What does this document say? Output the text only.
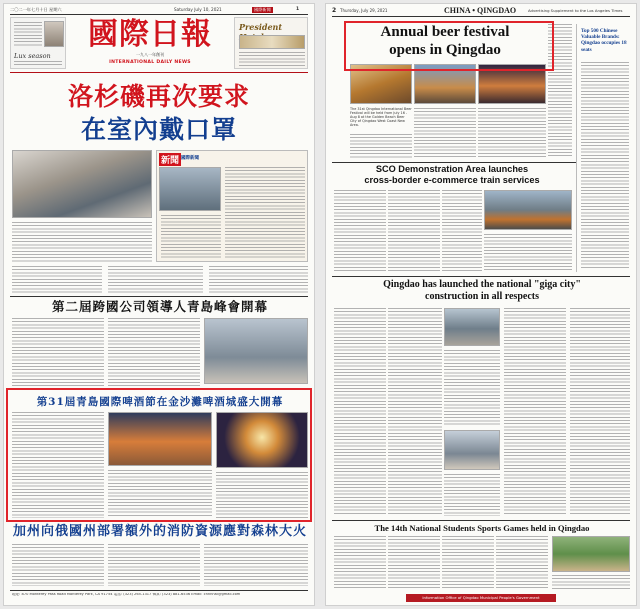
二〇二一年七月十日 星期六	Saturday July 10, 2021	國際新聞	1
Lux season
國際日報
一九八一年創刊
INTERNATIONAL DAILY NEWS
President
洛杉磯再次要求
在室內戴口罩
新聞 國際新聞
第二屆跨國公司領導人青島峰會開幕
第31屆青島國際啤酒節在金沙灘啤酒城盛大開幕
加州向俄國州部署額外的消防資源應對森林大火
地址: 870 Monterey Pass Road Monterey Park, CA 91754 電話: (323) 265-1317 傳真: (323) 881-6536 Email: cnnnnal@gmail.com
2 Thursday, July 29, 2021	CHINA • QINGDAO	Advertising Supplement to the Los Angeles Times
Annual beer festival
opens in Qingdao
The 31st Qingdao International Beer Festival will be held from July 16 - Aug 8 at the Golden Beach Beer City of Qingdao West Coast New Area.
Top 500 Chinese Valuable Brands: Qingdao occupies 18 seats
SCO Demonstration Area launches
cross-border e-commerce train services
Qingdao has launched the national "giga city"
construction in all respects
The 14th National Students Sports Games held in Qingdao
Information Office of Qingdao Municipal People's Government
